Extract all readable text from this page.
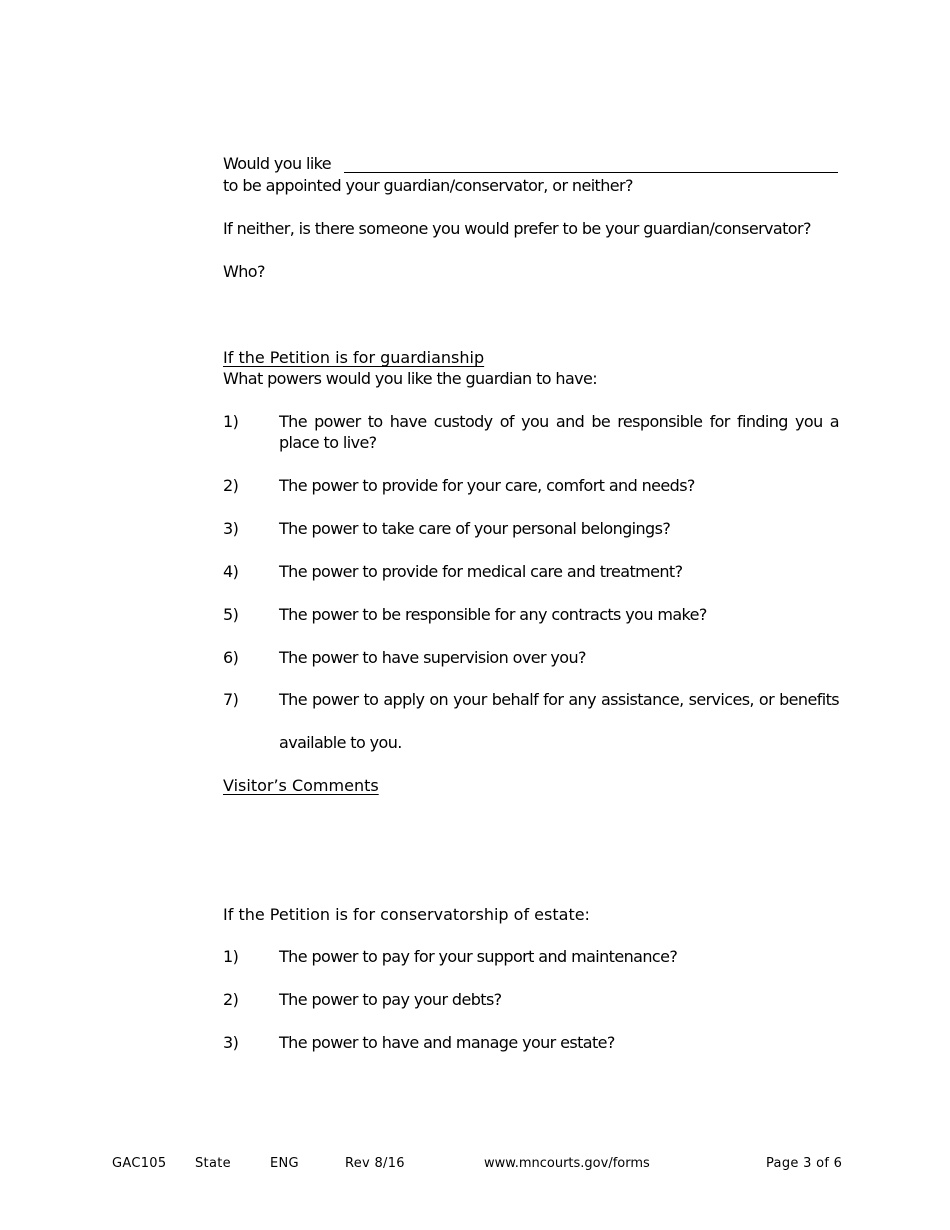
Would you like

to be appointed your guardian/conservator, or neither?

If neither, is there someone you would prefer to be your guardian/conservator?

Who?

If the Petition is for guardianship

What powers would you like the guardian to have:

1)	The power to have custody of you and be responsible for finding you a

place to live?

2)	The power to provide for your care, comfort and needs?

3)	The power to take care of your personal belongings?

4)	The power to provide for medical care and treatment?

5)	The power to be responsible for any contracts you make?

6)	The power to have supervision over you?

7)	The power to apply on your behalf for any assistance, services, or benefits

available to you.

Visitor’s Comments

If the Petition is for conservatorship of estate:

1)	The power to pay for your support and maintenance?

2)	The power to pay your debts?

3)	The power to have and manage your estate?

GAC105 State	ENG	Rev 8/16	www.mncourts.gov/forms	Page 3 of 6
